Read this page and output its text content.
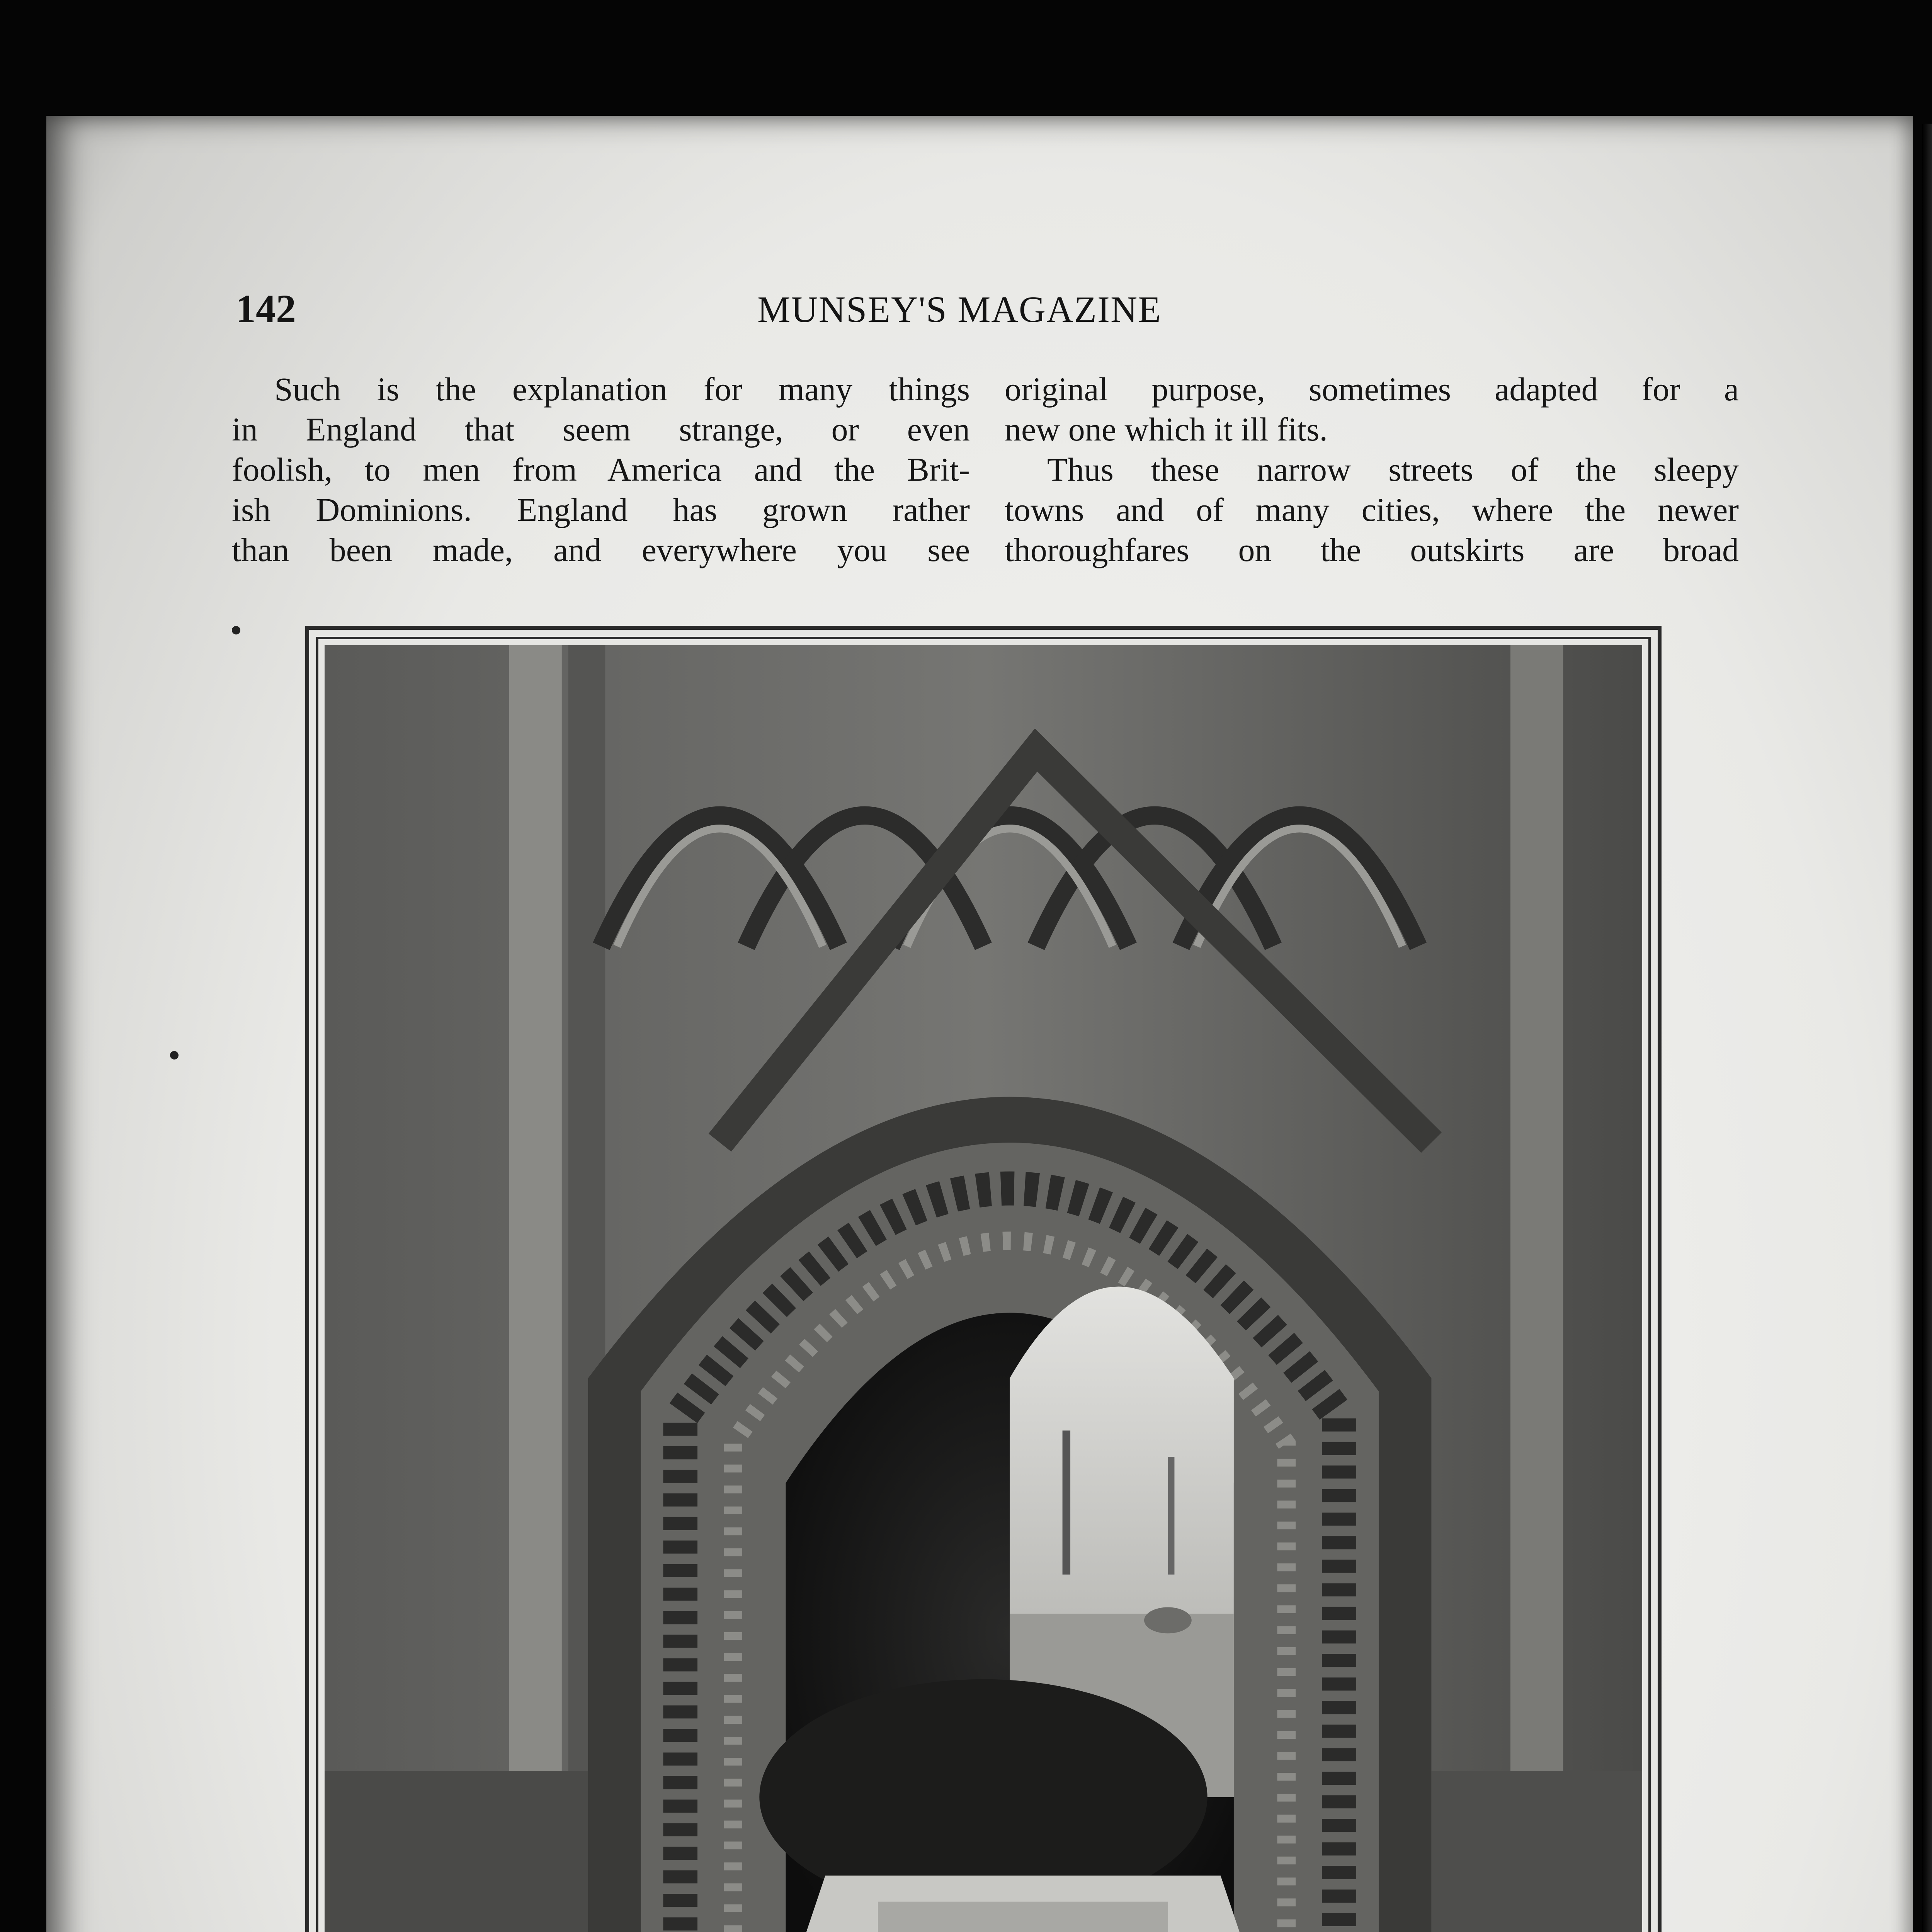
142	MUNSEY'S MAGAZINE
Such is the explanation for many things
in England that seem strange, or even
foolish, to men from America and the Brit-
ish Dominions. England has grown rather
than been made, and everywhere you see
original purpose, sometimes adapted for a
new one which it ill fits.
Thus these narrow streets of the sleepy
towns and of many cities, where the newer
thoroughfares on the outskirts are broad
